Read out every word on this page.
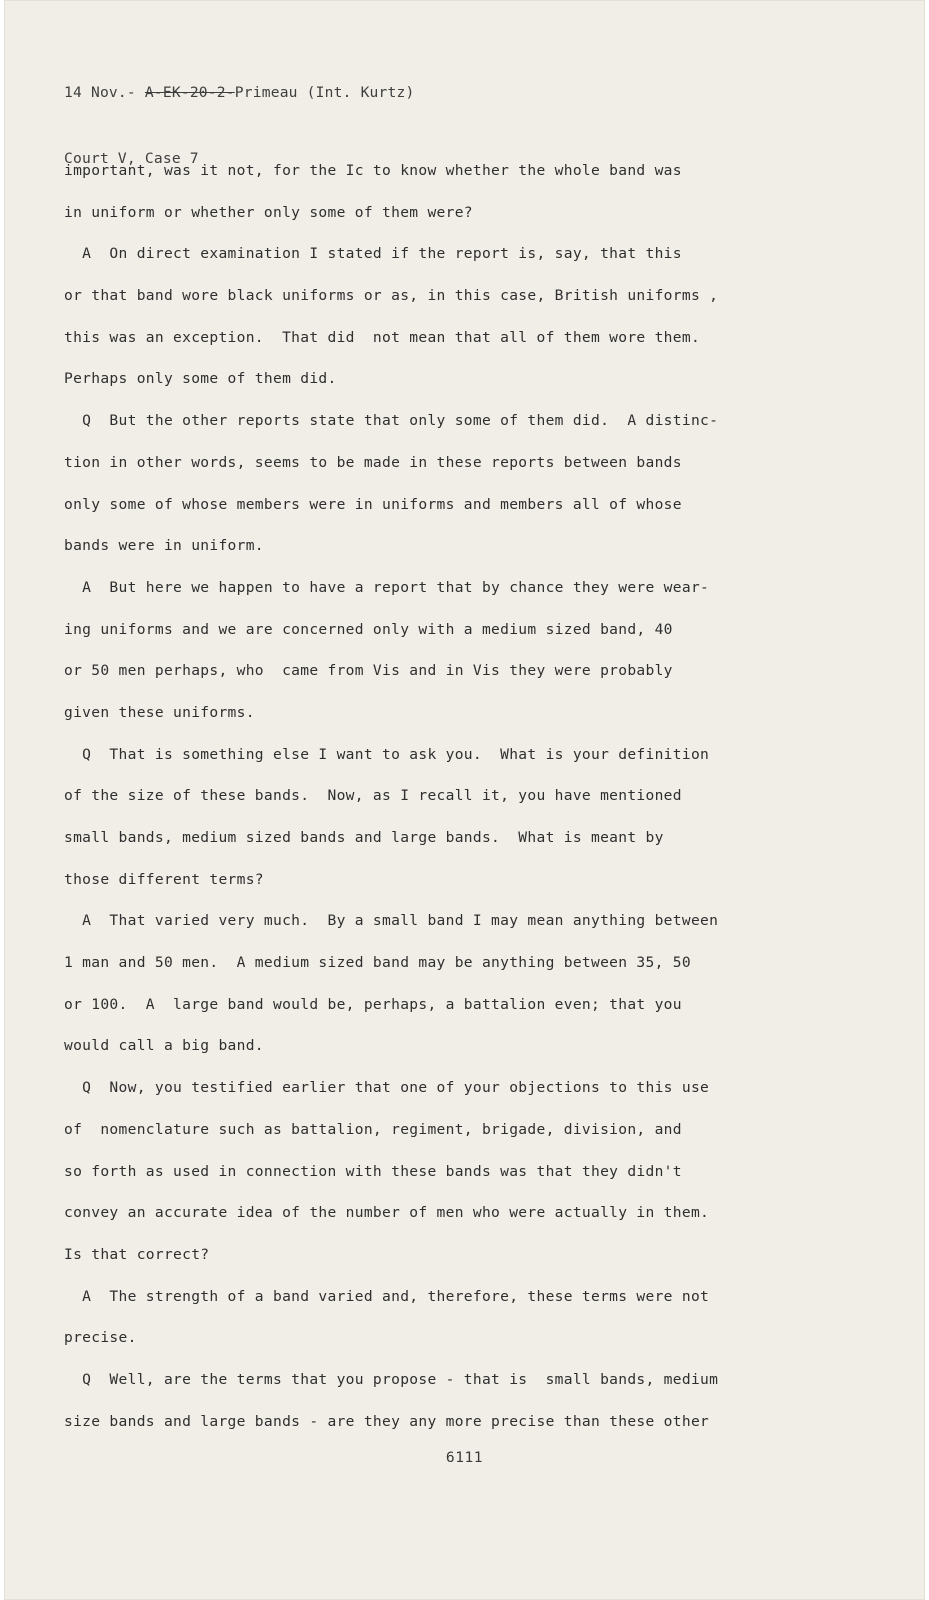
14 Nov.- A-EK-20-2-Primeau (Int. Kurtz)

Court V, Case 7

important, was it not, for the Ic to know whether the whole band was
in uniform or whether only some of them were?
A  On direct examination I stated if the report is, say, that this
or that band wore black uniforms or as, in this case, British uniforms ,
this was an exception.  That did  not mean that all of them wore them.
Perhaps only some of them did.
Q  But the other reports state that only some of them did.  A distinc-
tion in other words, seems to be made in these reports between bands
only some of whose members were in uniforms and members all of whose
bands were in uniform.
A  But here we happen to have a report that by chance they were wear-
ing uniforms and we are concerned only with a medium sized band, 40
or 50 men perhaps, who  came from Vis and in Vis they were probably
given these uniforms.
Q  That is something else I want to ask you.  What is your definition
of the size of these bands.  Now, as I recall it, you have mentioned
small bands, medium sized bands and large bands.  What is meant by
those different terms?
A  That varied very much.  By a small band I may mean anything between
1 man and 50 men.  A medium sized band may be anything between 35, 50
or 100.  A  large band would be, perhaps, a battalion even; that you
would call a big band.
Q  Now, you testified earlier that one of your objections to this use
of  nomenclature such as battalion, regiment, brigade, division, and
so forth as used in connection with these bands was that they didn't
convey an accurate idea of the number of men who were actually in them.
Is that correct?
A  The strength of a band varied and, therefore, these terms were not
precise.
Q  Well, are the terms that you propose - that is  small bands, medium
size bands and large bands - are they any more precise than these other
6111
